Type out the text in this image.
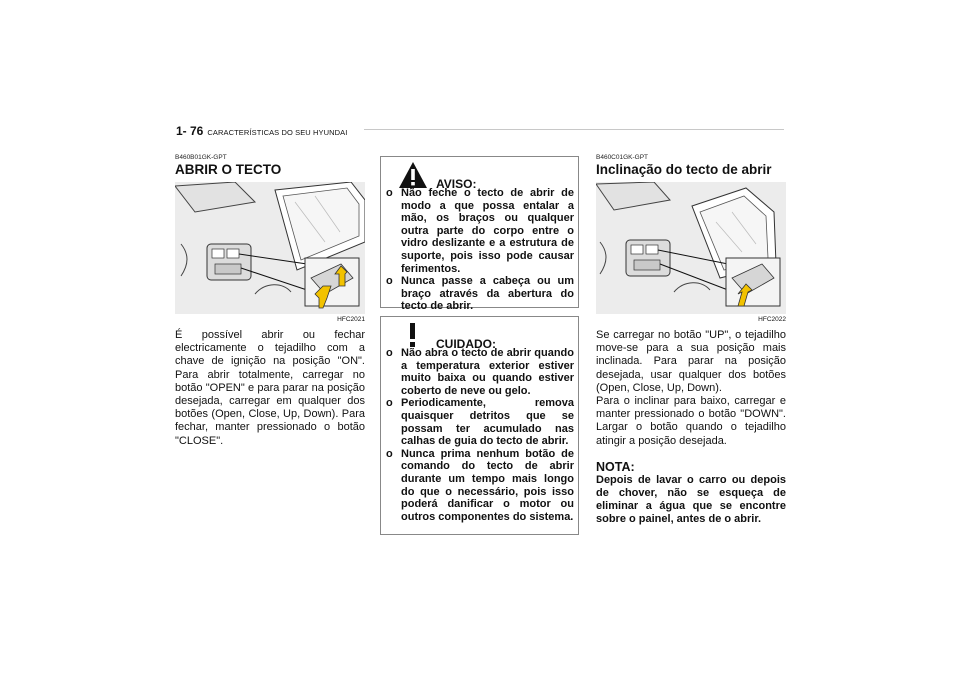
1- 76 CARACTERÍSTICAS DO SEU HYUNDAI
B460B01GK-GPT
ABRIR O TECTO
HFC2021
É possível abrir ou fechar electricamente o tejadilho com a chave de ignição na posição "ON". Para abrir totalmente, carregar no botão "OPEN" e para parar na posição desejada, carregar em qualquer dos botões (Open, Close, Up, Down). Para fechar, manter pressionado o botão "CLOSE".
AVISO:
o Não feche o tecto de abrir de modo a que possa entalar a mão, os braços ou qualquer outra parte do corpo entre o vidro deslizante e a estrutura de suporte, pois isso pode causar ferimentos.
o Nunca passe a cabeça ou um braço através da abertura do tecto de abrir.
CUIDADO:
o Não abra o tecto de abrir quando a temperatura exterior estiver muito baixa ou quando estiver coberto de neve ou gelo.
o Periodicamente, remova quaisquer detritos que se possam ter acumulado nas calhas de guia do tecto de abrir.
o Nunca prima nenhum botão de comando do tecto de abrir durante um tempo mais longo do que o necessário, pois isso poderá danificar o motor ou outros componentes do sistema.
B460C01GK-GPT
Inclinação do tecto de abrir
HFC2022

Se carregar no botão "UP", o tejadilho move-se para a sua posição mais inclinada. Para parar na posição desejada, usar qualquer dos botões (Open, Close, Up, Down).

Para o inclinar para baixo, carregar e manter pressionado o botão "DOWN". Largar o botão quando o tejadilho atingir a posição desejada.

NOTA:
Depois de lavar o carro ou depois de chover, não se esqueça de eliminar a água que se encontre sobre o painel, antes de o abrir.
